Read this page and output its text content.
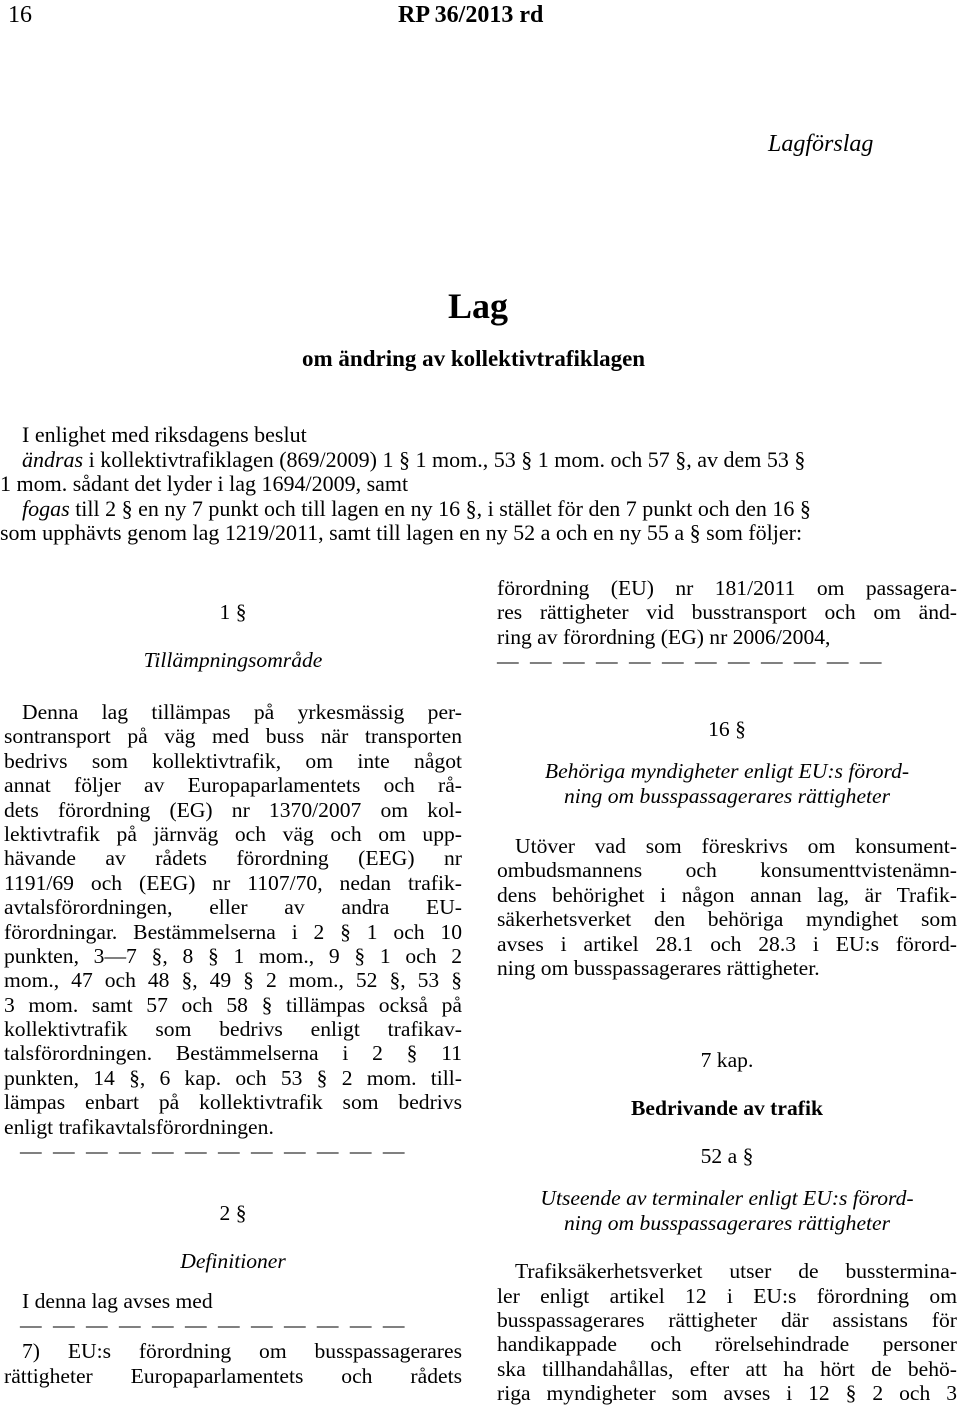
16	RP 36/2013 rd
Lagförslag
Lag
om ändring av kollektivtrafiklagen
I enlighet med riksdagens beslut
ändras i kollektivtrafiklagen (869/2009) 1 § 1 mom., 53 § 1 mom. och 57 §, av dem 53 §
1 mom. sådant det lyder i lag 1694/2009, samt
fogas till 2 § en ny 7 punkt och till lagen en ny 16 §, i stället för den 7 punkt och den 16 §
som upphävts genom lag 1219/2011, samt till lagen en ny 52 a och en ny 55 a § som följer:
1 §
Tillämpningsområde
Denna lag tillämpas på yrkesmässig per-
sontransport på väg med buss när transporten
bedrivs som kollektivtrafik, om inte något
annat följer av Europaparlamentets och rå-
dets förordning (EG) nr 1370/2007 om kol-
lektivtrafik på järnväg och väg och om upp-
hävande av rådets förordning (EEG) nr
1191/69 och (EEG) nr 1107/70, nedan trafik-
avtalsförordningen, eller av andra EU-
förordningar. Bestämmelserna i 2 § 1 och 10
punkten, 3—7 §, 8 § 1 mom., 9 § 1 och 2
mom., 47 och 48 §, 49 § 2 mom., 52 §, 53 §
3 mom. samt 57 och 58 § tillämpas också på
kollektivtrafik som bedrivs enligt trafikav-
talsförordningen. Bestämmelserna i 2 § 11
punkten, 14 §, 6 kap. och 53 § 2 mom. till-
lämpas enbart på kollektivtrafik som bedrivs
enligt trafikavtalsförordningen.
— — — — — — — — — — — —
2 §
Definitioner
I denna lag avses med
— — — — — — — — — — — —
7) EU:s förordning om busspassagerares
rättigheter Europaparlamentets och rådets
förordning (EU) nr 181/2011 om passagera-
res rättigheter vid busstransport och om änd-
ring av förordning (EG) nr 2006/2004,
— — — — — — — — — — — —
16 §
Behöriga myndigheter enligt EU:s förord-
ning om busspassagerares rättigheter
Utöver vad som föreskrivs om konsument-
ombudsmannens och konsumenttvistenämn-
dens behörighet i någon annan lag, är Trafik-
säkerhetsverket den behöriga myndighet som
avses i artikel 28.1 och 28.3 i EU:s förord-
ning om busspassagerares rättigheter.
7 kap.
Bedrivande av trafik
52 a §
Utseende av terminaler enligt EU:s förord-
ning om busspassagerares rättigheter
Trafiksäkerhetsverket utser de busstermina-
ler enligt artikel 12 i EU:s förordning om
busspassagerares rättigheter där assistans för
handikappade och rörelsehindrade personer
ska tillhandahållas, efter att ha hört de behö-
riga myndigheter som avses i 12 § 2 och 3
